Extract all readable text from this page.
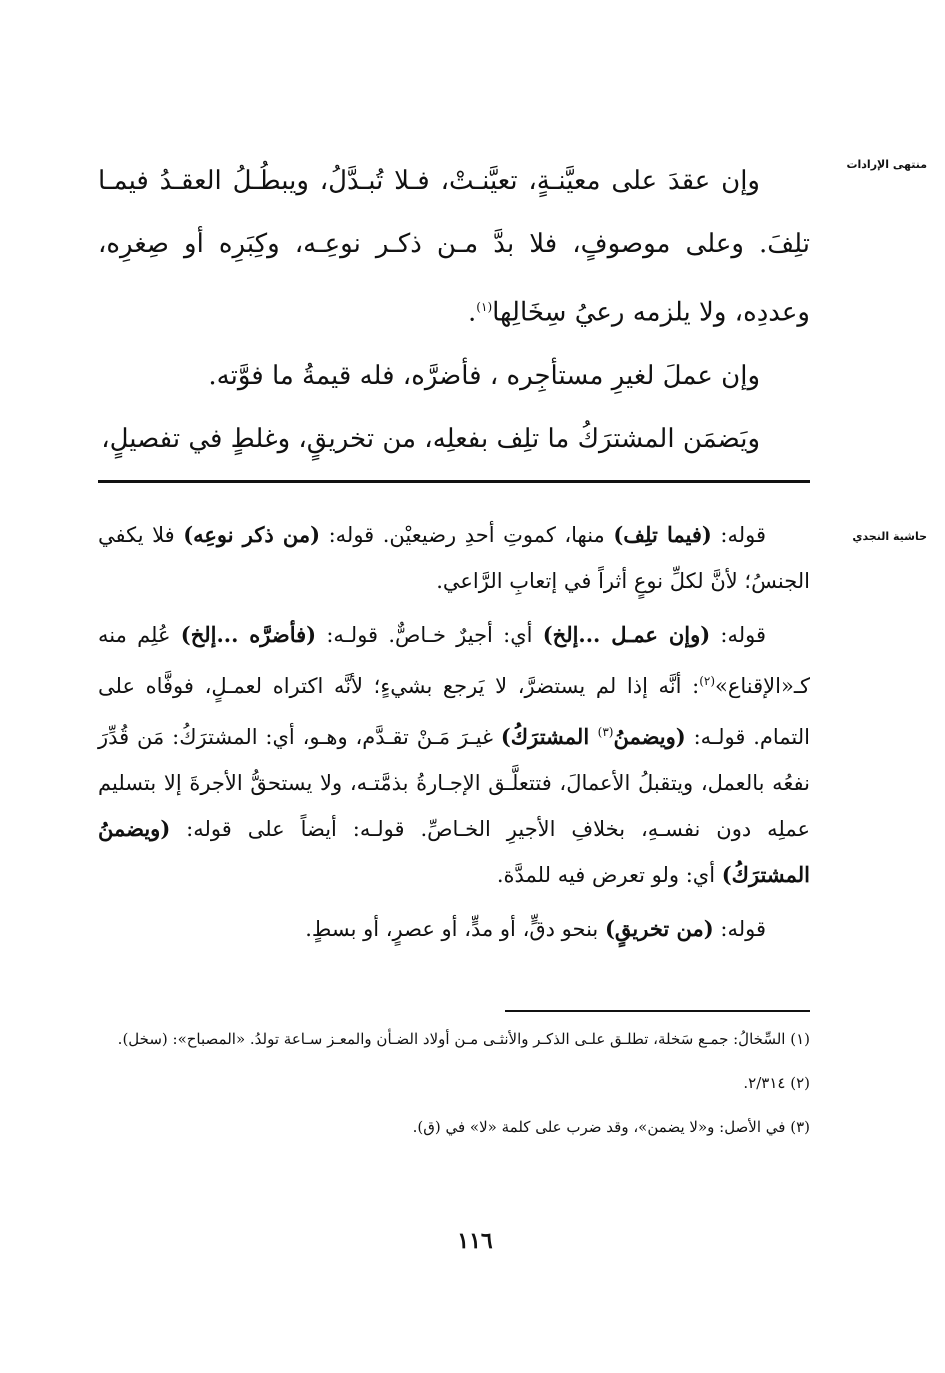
منتهى الإرادات

وإن عقدَ على معيَّنـةٍ، تعيَّنـتْ، فـلا تُبـدَّلُ، ويبطُـلُ العقـدُ فيمـا تلِفَ. وعلى موصوفٍ، فلا بدَّ مـن ذكـر نوعِـه، وكِبَرِه أو صِغرِه، وعددِه، ولا يلزمه رعيُ سِخَالِها$^{(١)}$.

وإن عملَ لغيرِ مستأجِره ، فأضرَّه، فله قيمةُ ما فوَّته.

ويَضمَن المشترَكُ ما تلِف بفعلِه، من تخريقٍ، وغلطٍ في تفصيلٍ،

حاشية النجدي

قوله: (فيما تلِف) منها، كموتِ أحدِ رضيعيْن. قوله: (من ذكر نوعِه) فلا يكفي الجنسُ؛ لأنَّ لكلِّ نوعٍ أثراً في إتعابِ الرَّاعي.

قوله: (وإن عمـل ...إلخ) أي: أجيرٌ خـاصٌّ. قولـه: (فأضرَّه ...إلخ) عُلِم منه كـ«الإقناع»$^{(٢)}$: أنَّه إذا لم يستضرَّ، لا يَرجع بشيءٍ؛ لأنَّه اكتراه لعمـلٍ، فوفَّاه على التمام. قولـه: (ويضمنُ$^{(٣)}$ المشترَكُ) غيـرَ مَـنْ تقـدَّم، وهـو، أي: المشترَكُ: مَن قُدِّرَ نفعُه بالعمل، ويتقبلُ الأعمالَ، فتتعلَّـق الإجـارةُ بذمَّتـه، ولا يستحقُّ الأجرةَ إلا بتسليم عملِه دون نفسـهِ، بخلافِ الأجيرِ الخـاصِّ. قولـه: أيضاً على قوله: (ويضمنُ المشترَكُ) أي: ولو تعرض فيه للمدَّة.

قوله: (من تخريقٍ) بنحو دقٍّ، أو مدٍّ، أو عصرٍ، أو بسطٍ.

(١) السِّخالُ: جمـع سَخلة، تطلـق علـى الذكـر والأنثـى مـن أولاد الضـأن والمعـز سـاعة تولدُ. «المصباح»: (سخل).

(٢) ٢/٣١٤.

(٣) في الأصل: و«لا يضمن»، وقد ضرب على كلمة «لا» في (ق).

١١٦
